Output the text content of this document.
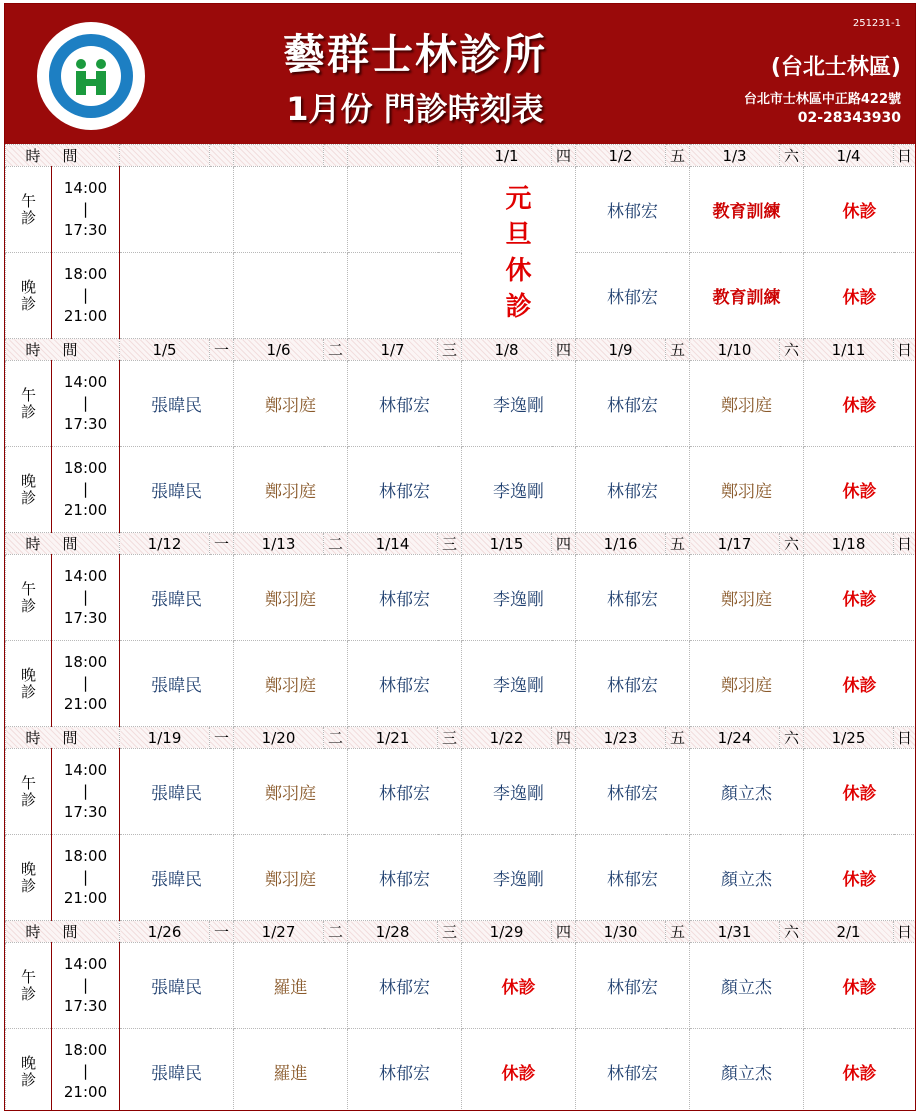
藝群士林診所
1月份 門診時刻表
251231-1
(台北士林區)
台北市士林區中正路422號
02-28343930
時間								1/1	四	1/2	五	1/3	六	1/4	日
午診	14:00
|
17:30							元旦休診		林郁宏		教育訓練		休診	
晚診	18:00
|
21:00									林郁宏		教育訓練		休診	
時間		1/5	一	1/6	二	1/7	三	1/8	四	1/9	五	1/10	六	1/11	日
午診	14:00
|
17:30	張暐民		鄭羽庭		林郁宏		李逸剛		林郁宏		鄭羽庭		休診	
晚診	18:00
|
21:00	張暐民		鄭羽庭		林郁宏		李逸剛		林郁宏		鄭羽庭		休診	
時間		1/12	一	1/13	二	1/14	三	1/15	四	1/16	五	1/17	六	1/18	日
午診	14:00
|
17:30	張暐民		鄭羽庭		林郁宏		李逸剛		林郁宏		鄭羽庭		休診	
晚診	18:00
|
21:00	張暐民		鄭羽庭		林郁宏		李逸剛		林郁宏		鄭羽庭		休診	
時間		1/19	一	1/20	二	1/21	三	1/22	四	1/23	五	1/24	六	1/25	日
午診	14:00
|
17:30	張暐民		鄭羽庭		林郁宏		李逸剛		林郁宏		顏立杰		休診	
晚診	18:00
|
21:00	張暐民		鄭羽庭		林郁宏		李逸剛		林郁宏		顏立杰		休診	
時間		1/26	一	1/27	二	1/28	三	1/29	四	1/30	五	1/31	六	2/1	日
午診	14:00
|
17:30	張暐民		羅進		林郁宏		休診		林郁宏		顏立杰		休診	
晚診	18:00
|
21:00	張暐民		羅進		林郁宏		休診		林郁宏		顏立杰		休診	
